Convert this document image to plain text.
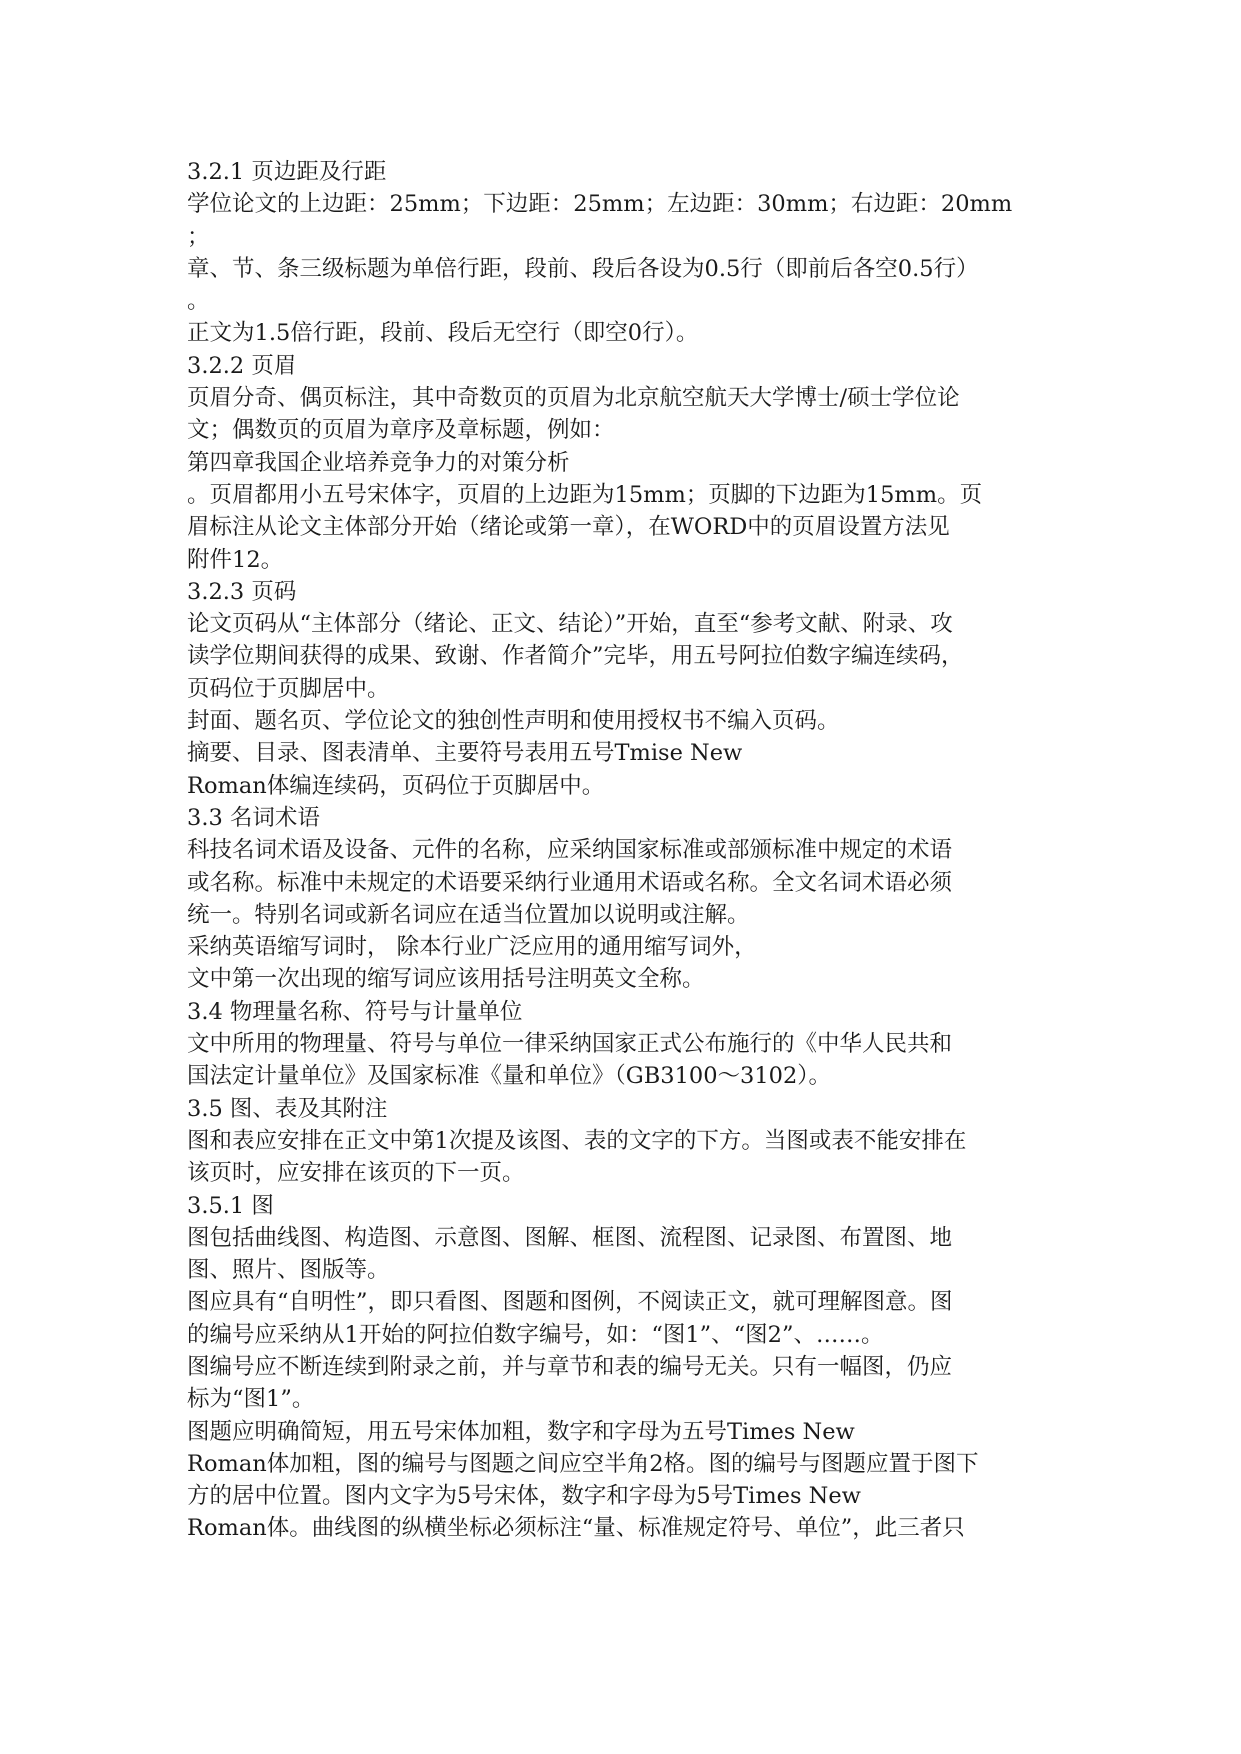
3.2.1 页边距及行距
学位论文的上边距：25mm；下边距：25mm；左边距：30mm；右边距：20mm
；
章、节、条三级标题为单倍行距，段前、段后各设为0.5行（即前后各空0.5行）
。
正文为1.5倍行距，段前、段后无空行（即空0行）。
3.2.2 页眉
页眉分奇、偶页标注，其中奇数页的页眉为北京航空航天大学博士/硕士学位论
文；偶数页的页眉为章序及章标题，例如：
第四章我国企业培养竞争力的对策分析
。页眉都用小五号宋体字，页眉的上边距为15mm；页脚的下边距为15mm。页
眉标注从论文主体部分开始（绪论或第一章），在WORD中的页眉设置方法见
附件12。
3.2.3 页码
论文页码从“主体部分（绪论、正文、结论）”开始，直至“参考文献、附录、攻
读学位期间获得的成果、致谢、作者简介”完毕，用五号阿拉伯数字编连续码，
页码位于页脚居中。
封面、题名页、学位论文的独创性声明和使用授权书不编入页码。
摘要、目录、图表清单、主要符号表用五号Tmise New
Roman体编连续码，页码位于页脚居中。
3.3 名词术语
科技名词术语及设备、元件的名称，应采纳国家标准或部颁标准中规定的术语
或名称。标准中未规定的术语要采纳行业通用术语或名称。全文名词术语必须
统一。特别名词或新名词应在适当位置加以说明或注解。
采纳英语缩写词时， 除本行业广泛应用的通用缩写词外，
文中第一次出现的缩写词应该用括号注明英文全称。
3.4 物理量名称、符号与计量单位
文中所用的物理量、符号与单位一律采纳国家正式公布施行的《中华人民共和
国法定计量单位》及国家标准《量和单位》（GB3100～3102）。
3.5 图、表及其附注
图和表应安排在正文中第1次提及该图、表的文字的下方。当图或表不能安排在
该页时，应安排在该页的下一页。
3.5.1 图
图包括曲线图、构造图、示意图、图解、框图、流程图、记录图、布置图、地
图、照片、图版等。
图应具有“自明性”，即只看图、图题和图例，不阅读正文，就可理解图意。图
的编号应采纳从1开始的阿拉伯数字编号，如：“图1”、“图2”、……。
图编号应不断连续到附录之前，并与章节和表的编号无关。只有一幅图，仍应
标为“图1”。
图题应明确简短，用五号宋体加粗，数字和字母为五号Times New
Roman体加粗，图的编号与图题之间应空半角2格。图的编号与图题应置于图下
方的居中位置。图内文字为5号宋体，数字和字母为5号Times New
Roman体。曲线图的纵横坐标必须标注“量、标准规定符号、单位”，此三者只
